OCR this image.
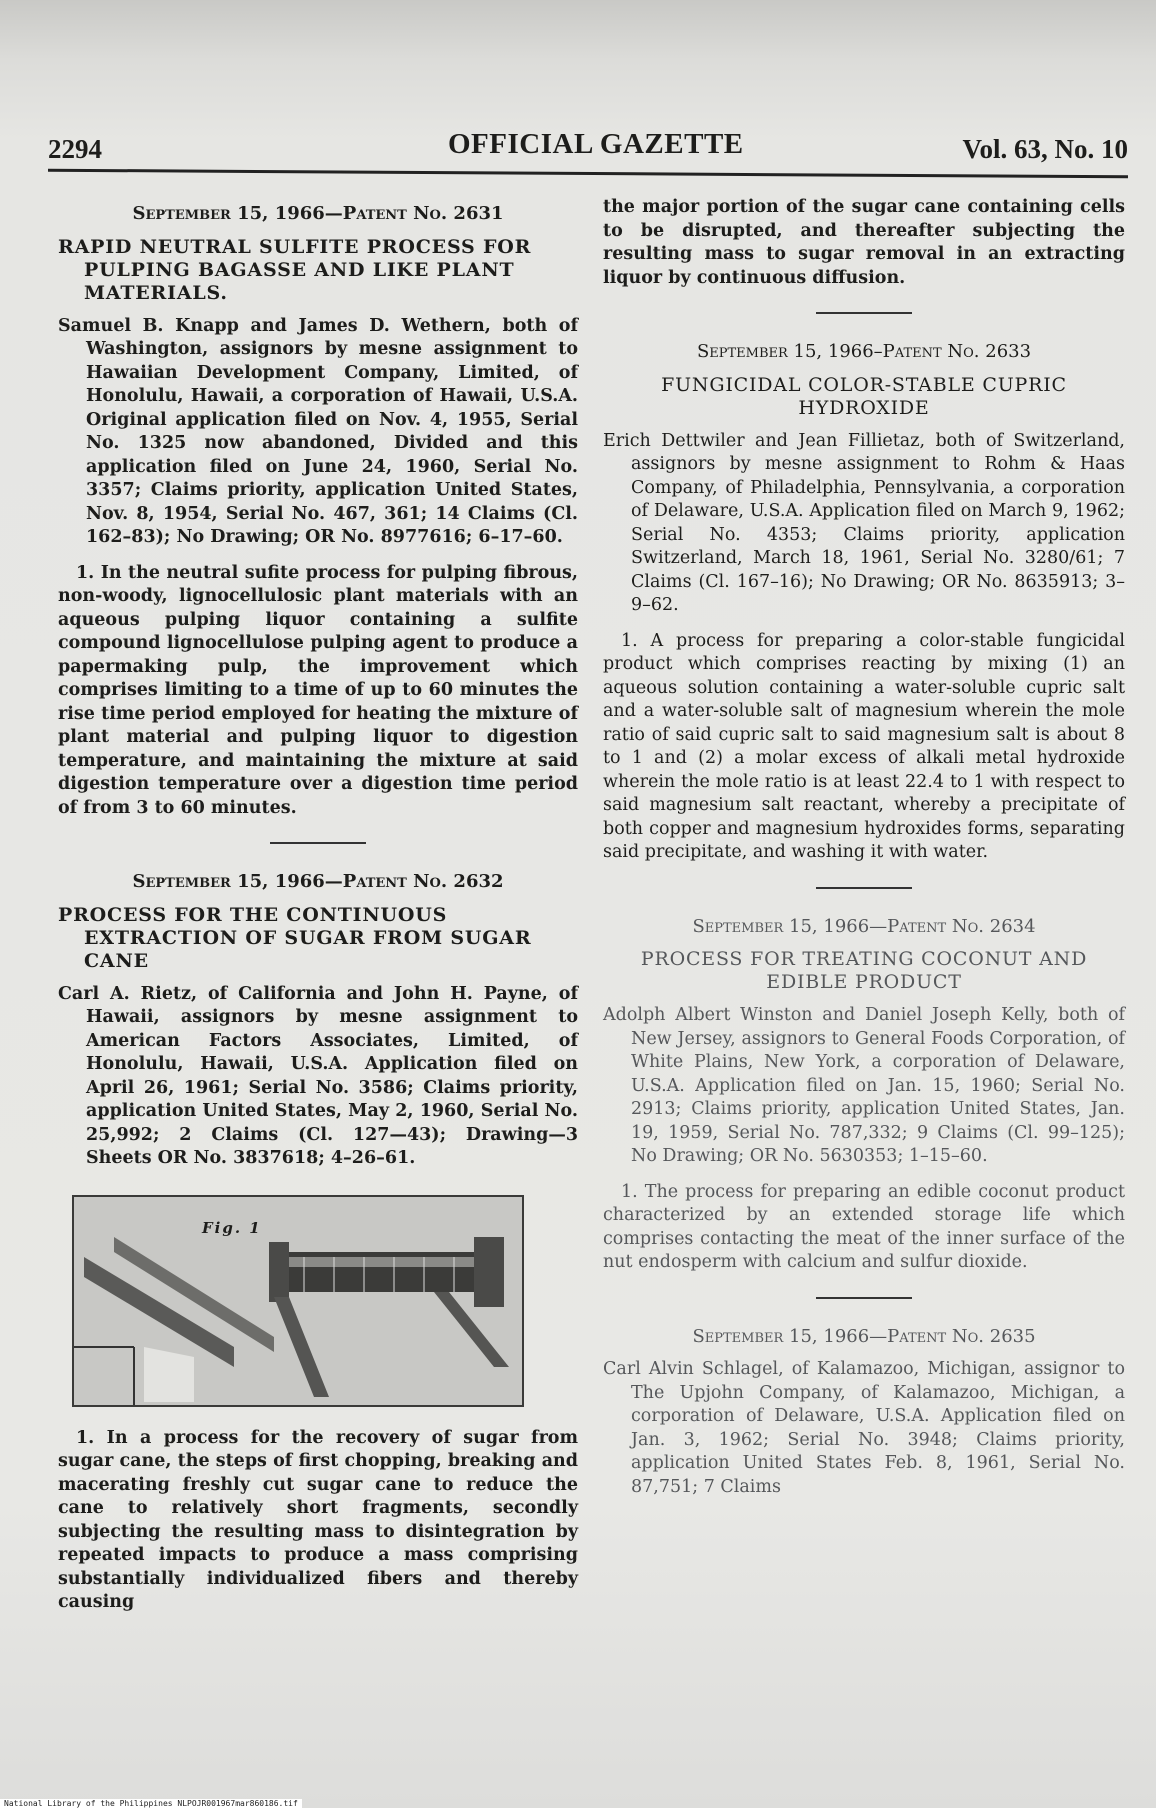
2294	OFFICIAL GAZETTE	Vol. 63, No. 10
September 15, 1966—Patent No. 2631
RAPID NEUTRAL SULFITE PROCESS FOR PULPING BAGASSE AND LIKE PLANT MATERIALS.
Samuel B. Knapp and James D. Wethern, both of Washington, assignors by mesne assignment to Hawaiian Development Company, Limited, of Honolulu, Hawaii, a corporation of Hawaii, U.S.A. Original application filed on Nov. 4, 1955, Serial No. 1325 now abandoned, Divided and this application filed on June 24, 1960, Serial No. 3357; Claims priority, application United States, Nov. 8, 1954, Serial No. 467, 361; 14 Claims (Cl. 162–83); No Drawing; OR No. 8977616; 6–17–60.

1. In the neutral sufite process for pulping fibrous, non-woody, lignocellulosic plant materials with an aqueous pulping liquor containing a sulfite compound lignocellulose pulping agent to produce a papermaking pulp, the improvement which comprises limiting to a time of up to 60 minutes the rise time period employed for heating the mixture of plant material and pulping liquor to digestion temperature, and maintaining the mixture at said digestion temperature over a digestion time period of from 3 to 60 minutes.

September 15, 1966—Patent No. 2632
PROCESS FOR THE CONTINUOUS EXTRACTION OF SUGAR FROM SUGAR CANE
Carl A. Rietz, of California and John H. Payne, of Hawaii, assignors by mesne assignment to American Factors Associates, Limited, of Honolulu, Hawaii, U.S.A. Application filed on April 26, 1961; Serial No. 3586; Claims priority, application United States, May 2, 1960, Serial No. 25,992; 2 Claims (Cl. 127—43); Drawing—3 Sheets OR No. 3837618; 4–26–61.
Fig. 1

1. In a process for the recovery of sugar from sugar cane, the steps of first chopping, breaking and macerating freshly cut sugar cane to reduce the cane to relatively short fragments, secondly subjecting the resulting mass to disintegration by repeated impacts to produce a mass comprising substantially individualized fibers and thereby causing

the major portion of the sugar cane containing cells to be disrupted, and thereafter subjecting the resulting mass to sugar removal in an extracting liquor by continuous diffusion.

September 15, 1966–Patent No. 2633
FUNGICIDAL COLOR-STABLE CUPRIC HYDROXIDE
Erich Dettwiler and Jean Fillietaz, both of Switzerland, assignors by mesne assignment to Rohm & Haas Company, of Philadelphia, Pennsylvania, a corporation of Delaware, U.S.A. Application filed on March 9, 1962; Serial No. 4353; Claims priority, application Switzerland, March 18, 1961, Serial No. 3280/61; 7 Claims (Cl. 167–16); No Drawing; OR No. 8635913; 3–9–62.

1. A process for preparing a color-stable fungicidal product which comprises reacting by mixing (1) an aqueous solution containing a water-soluble cupric salt and a water-soluble salt of magnesium wherein the mole ratio of said cupric salt to said magnesium salt is about 8 to 1 and (2) a molar excess of alkali metal hydroxide wherein the mole ratio is at least 22.4 to 1 with respect to said magnesium salt reactant, whereby a precipitate of both copper and magnesium hydroxides forms, separating said precipitate, and washing it with water.

September 15, 1966—Patent No. 2634
PROCESS FOR TREATING COCONUT AND EDIBLE PRODUCT
Adolph Albert Winston and Daniel Joseph Kelly, both of New Jersey, assignors to General Foods Corporation, of White Plains, New York, a corporation of Delaware, U.S.A. Application filed on Jan. 15, 1960; Serial No. 2913; Claims priority, application United States, Jan. 19, 1959, Serial No. 787,332; 9 Claims (Cl. 99–125); No Drawing; OR No. 5630353; 1–15–60.

1. The process for preparing an edible coconut product characterized by an extended storage life which comprises contacting the meat of the inner surface of the nut endosperm with calcium and sulfur dioxide.

September 15, 1966—Patent No. 2635
Carl Alvin Schlagel, of Kalamazoo, Michigan, assignor to The Upjohn Company, of Kalamazoo, Michigan, a corporation of Delaware, U.S.A. Application filed on Jan. 3, 1962; Serial No. 3948; Claims priority, application United States Feb. 8, 1961, Serial No. 87,751; 7 Claims
National Library of the Philippines NLPOJR001967mar860186.tif
